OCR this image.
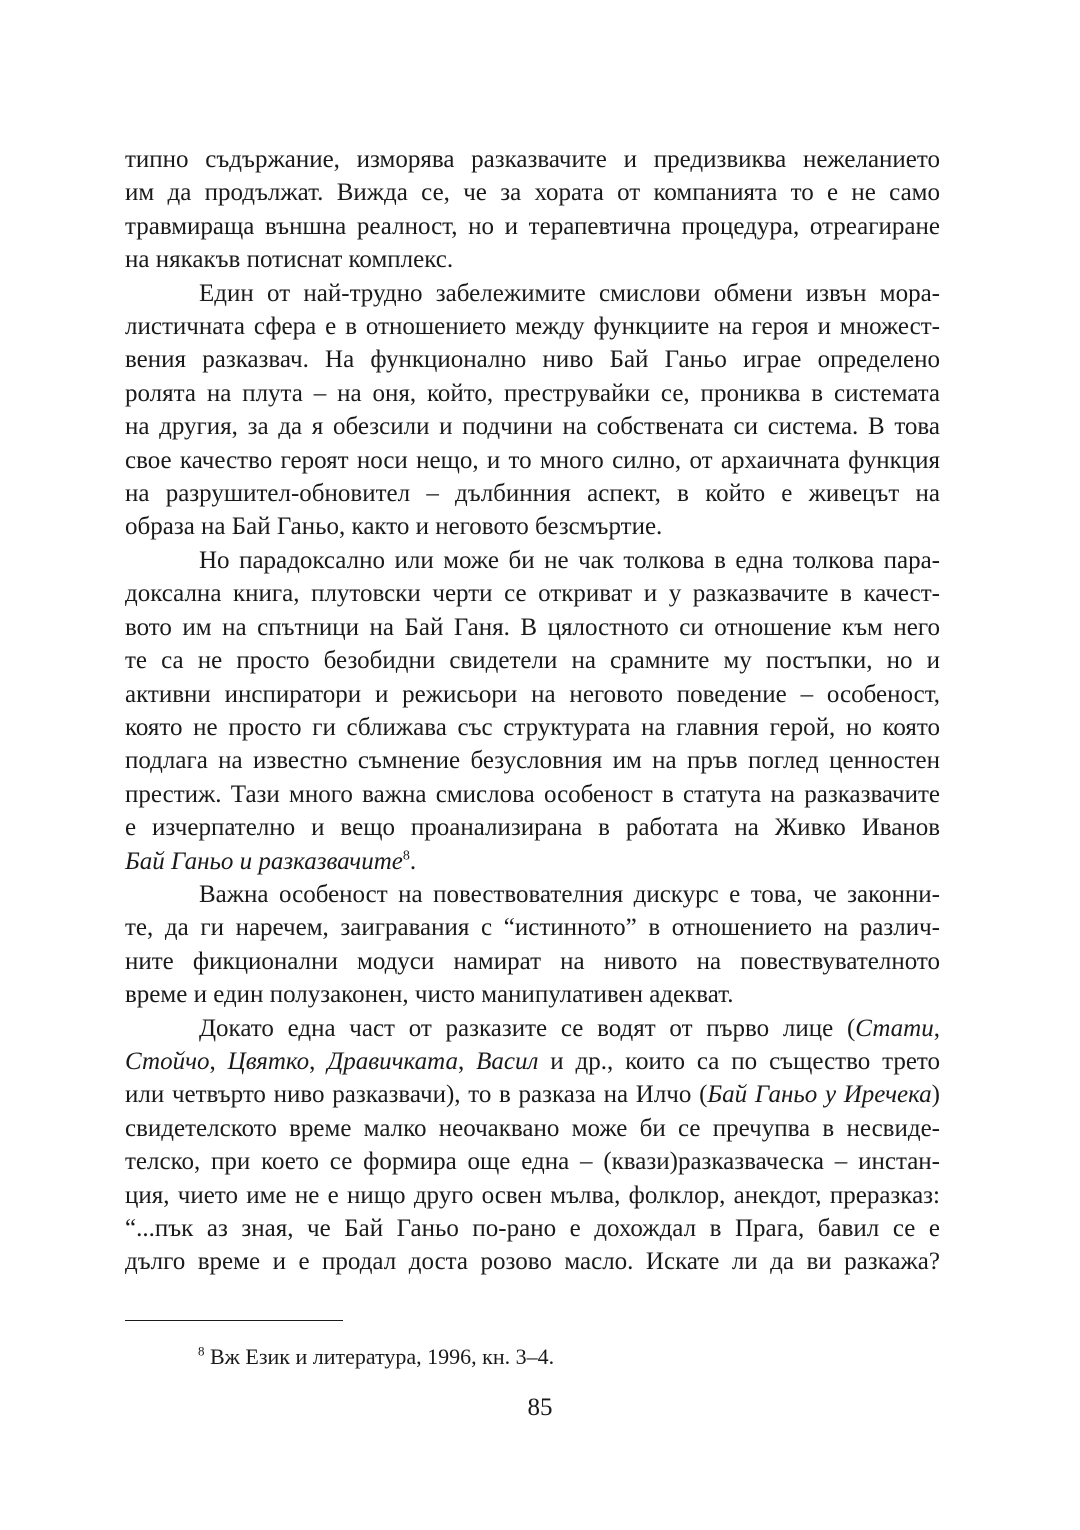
типно съдържание, изморява разказвачите и предизвиква нежеланието
им да продължат. Вижда се, че за хората от компанията то е не само
травмираща външна реалност, но и терапевтична процедура, отреагиране
на някакъв потиснат комплекс.

Един от най-трудно забележимите смислови обмени извън мора-
листичната сфера е в отношението между функциите на героя и множест-
вения разказвач. На функционално ниво Бай Ганьо играе определено
ролята на плута – на оня, който, преструвайки се, прониква в системата
на другия, за да я обезсили и подчини на собствената си система. В това
свое качество героят носи нещо, и то много силно, от архаичната функция
на разрушител-обновител – дълбинния аспект, в който е живецът на
образа на Бай Ганьо, както и неговото безсмъртие.

Но парадоксално или може би не чак толкова в една толкова пара-
доксална книга, плутовски черти се откриват и у разказвачите в качест-
вото им на спътници на Бай Ганя. В цялостното си отношение към него
те са не просто безобидни свидетели на срамните му постъпки, но и
активни инспиратори и режисьори на неговото поведение – особеност,
която не просто ги сближава със структурата на главния герой, но която
подлага на известно съмнение безусловния им на пръв поглед ценностен
престиж. Тази много важна смислова особеност в статута на разказвачите
е изчерпателно и вещо проанализирана в работата на Живко Иванов
Бай Ганьо и разказвачите$^8$.

Важна особеност на повествователния дискурс е това, че законни-
те, да ги наречем, заигравания с “истинното” в отношението на различ-
ните фикционални модуси намират на нивото на повествувателното
време и един полузаконен, чисто манипулативен адекват.

Докато една част от разказите се водят от първо лице (Стати,
Стойчо, Цвятко, Дравичката, Васил и др., които са по същество трето
или четвърто ниво разказвачи), то в разказа на Илчо (Бай Ганьо у Иречека)
свидетелското време малко неочаквано може би се пречупва в несвиде-
телско, при което се формира още една – (квази)разказваческа – инстан-
ция, чието име не е нищо друго освен мълва, фолклор, анекдот, преразказ:
“...пък аз зная, че Бай Ганьо по-рано е дохождал в Прага, бавил се е
дълго време и е продал доста розово масло. Искате ли да ви разкажа?

$^8$ Вж Език и литература, 1996, кн. 3–4.
85
